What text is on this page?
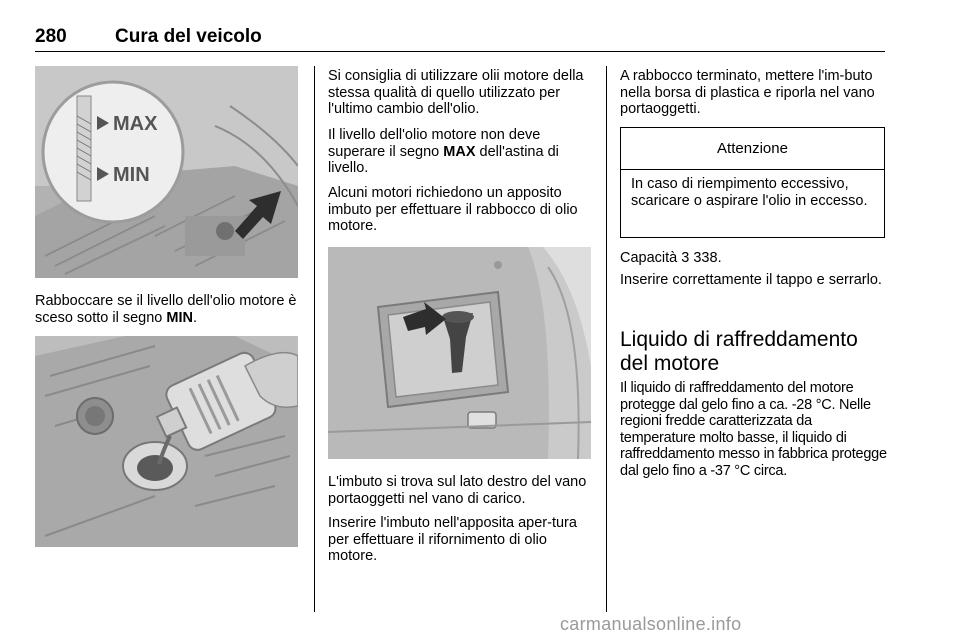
280	Cura del veicolo
MAX
MIN

Rabboccare se il livello dell'olio motore è sceso sotto il segno MIN.

Si consiglia di utilizzare olii motore della stessa qualità di quello utilizzato per l'ultimo cambio dell'olio.

Il livello dell'olio motore non deve superare il segno MAX dell'astina di livello.

Alcuni motori richiedono un apposito imbuto per effettuare il rabbocco di olio motore.

L'imbuto si trova sul lato destro del vano portaoggetti nel vano di carico.

Inserire l'imbuto nell'apposita aper-tura per effettuare il rifornimento di olio motore.

A rabbocco terminato, mettere l'im-buto nella borsa di plastica e riporla nel vano portaoggetti.

Attenzione
In caso di riempimento eccessivo, scaricare o aspirare l'olio in eccesso.

Capacità 3 338.

Inserire correttamente il tappo e serrarlo.

Liquido di raffreddamento del motore

Il liquido di raffreddamento del motore protegge dal gelo fino a ca. -28 °C. Nelle regioni fredde caratterizzata da temperature molto basse, il liquido di raffreddamento messo in fabbrica protegge dal gelo fino a -37 °C circa.

carmanualsonline.info
